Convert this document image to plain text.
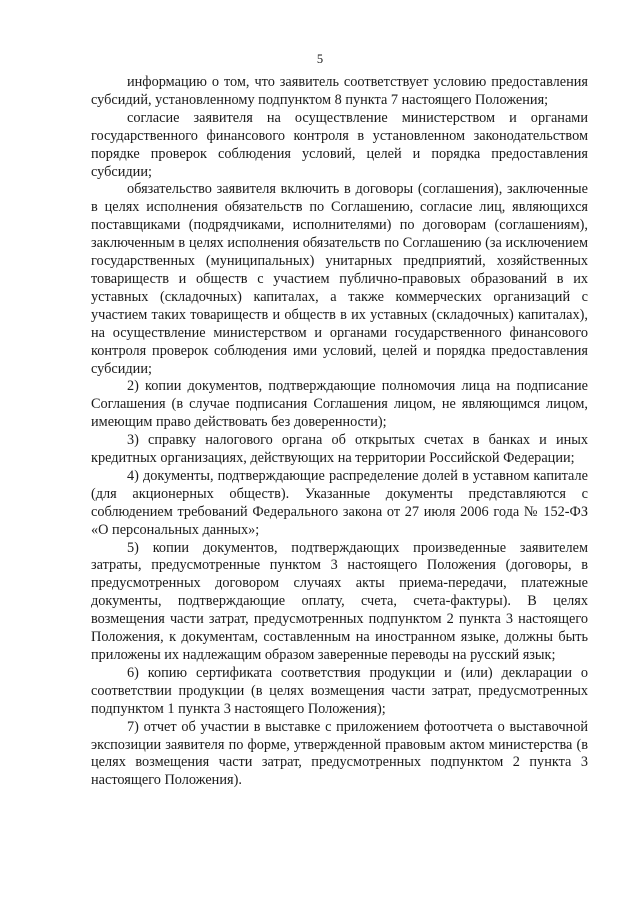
5

информацию о том, что заявитель соответствует условию предоставления субсидий, установленному подпунктом 8 пункта 7 настоящего Положения;

согласие заявителя на осуществление министерством и органами государственного финансового контроля в установленном законодательством порядке проверок соблюдения условий, целей и порядка предоставления субсидии;

обязательство заявителя включить в договоры (соглашения), заключенные в целях исполнения обязательств по Соглашению, согласие лиц, являющихся поставщиками (подрядчиками, исполнителями) по договорам (соглашениям), заключенным в целях исполнения обязательств по Соглашению (за исключением государственных (муниципальных) унитарных предприятий, хозяйственных товариществ и обществ с участием публично-правовых образований в их уставных (складочных) капиталах, а также коммерческих организаций с участием таких товариществ и обществ в их уставных (складочных) капиталах), на осуществление министерством и органами государственного финансового контроля проверок соблюдения ими условий, целей и порядка предоставления субсидии;

2) копии документов, подтверждающие полномочия лица на подписание Соглашения (в случае подписания Соглашения лицом, не являющимся лицом, имеющим право действовать без доверенности);

3) справку налогового органа об открытых счетах в банках и иных кредитных организациях, действующих на территории Российской Федерации;

4) документы, подтверждающие распределение долей в уставном капитале (для акционерных обществ). Указанные документы представляются с соблюдением требований Федерального закона от 27 июля 2006 года № 152-ФЗ «О персональных данных»;

5) копии документов, подтверждающих произведенные заявителем затраты, предусмотренные пунктом 3 настоящего Положения (договоры, в предусмотренных договором случаях акты приема-передачи, платежные документы, подтверждающие оплату, счета, счета-фактуры). В целях возмещения части затрат, предусмотренных подпунктом 2 пункта 3 настоящего Положения, к документам, составленным на иностранном языке, должны быть приложены их надлежащим образом заверенные переводы на русский язык;

6) копию сертификата соответствия продукции и (или) декларации о соответствии продукции (в целях возмещения части затрат, предусмотренных подпунктом 1 пункта 3 настоящего Положения);

7) отчет об участии в выставке с приложением фотоотчета о выставочной экспозиции заявителя по форме, утвержденной правовым актом министерства (в целях возмещения части затрат, предусмотренных подпунктом 2 пункта 3 настоящего Положения).
